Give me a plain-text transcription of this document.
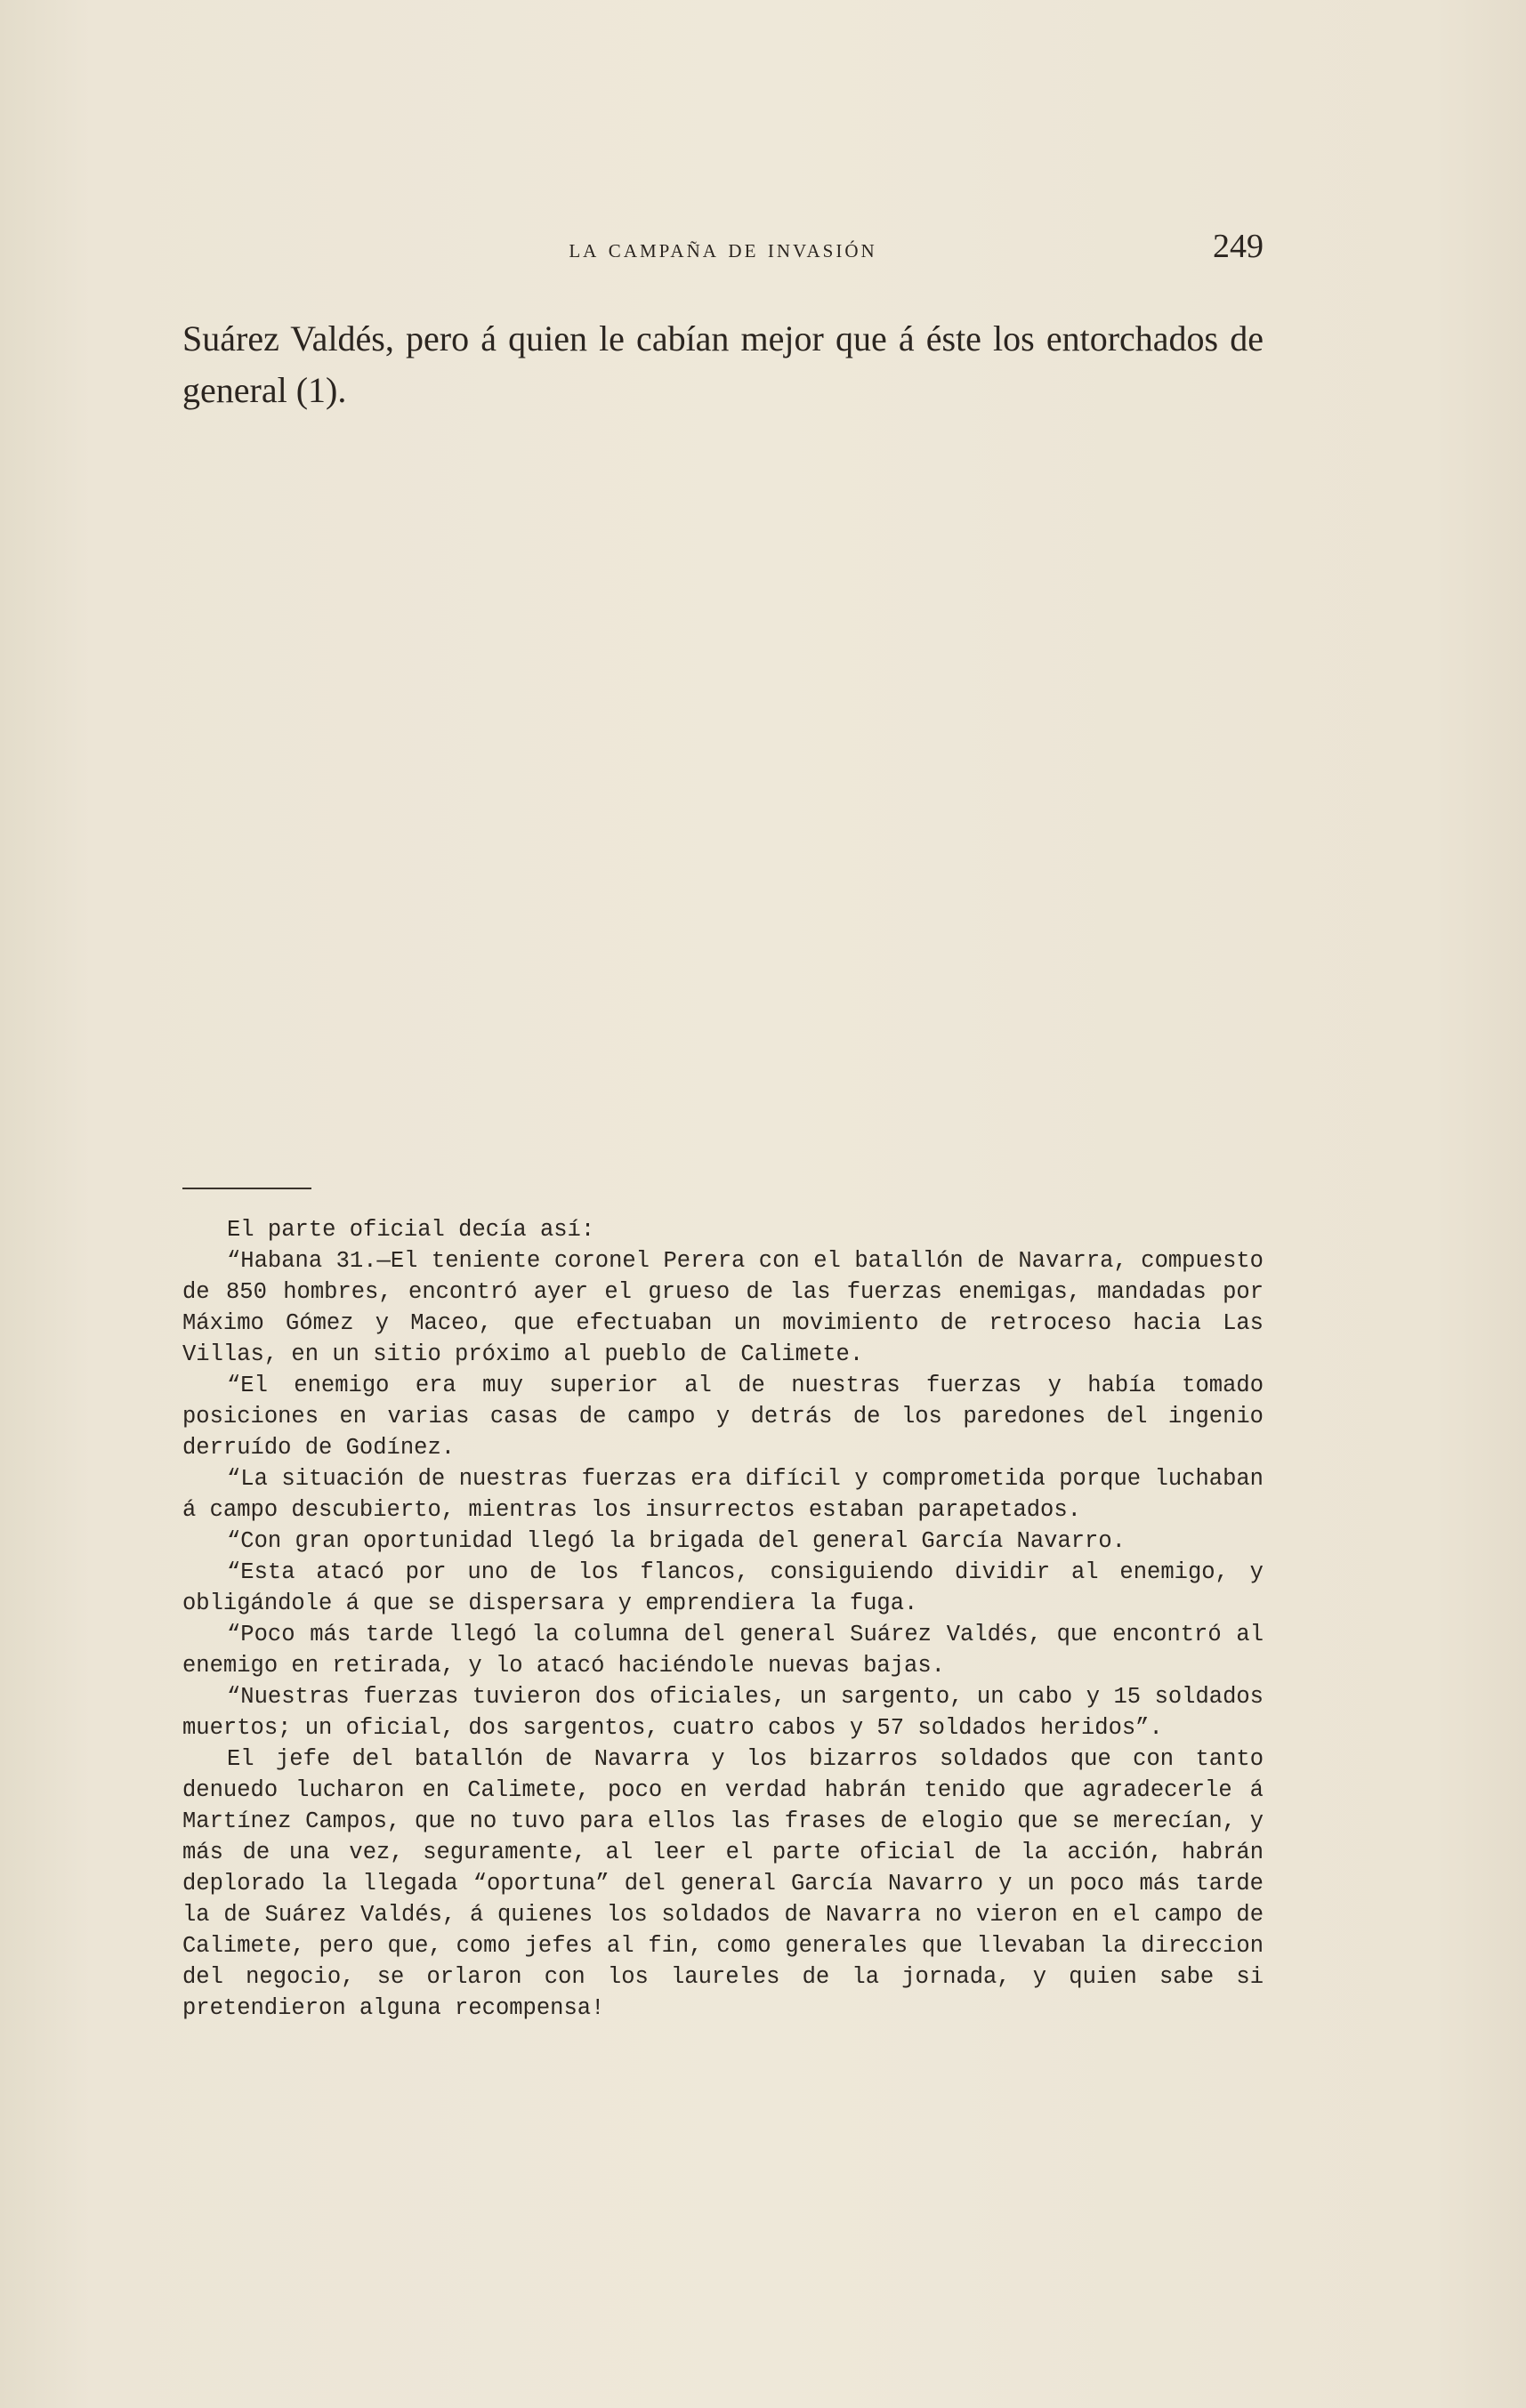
la campaña de invasión	249

Suárez Valdés, pero á quien le cabían mejor que á éste los entorchados de general (1).

El parte oficial decía así:

“Habana 31.—El teniente coronel Perera con el batallón de Navarra, compuesto de 850 hombres, encontró ayer el grueso de las fuerzas enemigas, mandadas por Máximo Gómez y Maceo, que efectuaban un movimiento de retroceso hacia Las Villas, en un sitio próximo al pueblo de Calimete.

“El enemigo era muy superior al de nuestras fuerzas y había tomado posiciones en varias casas de campo y detrás de los paredones del ingenio derruído de Godínez.

“La situación de nuestras fuerzas era difícil y comprometida porque luchaban á campo descubierto, mientras los insurrectos estaban parapetados.

“Con gran oportunidad llegó la brigada del general García Navarro.

“Esta atacó por uno de los flancos, consiguiendo dividir al enemigo, y obligándole á que se dispersara y emprendiera la fuga.

“Poco más tarde llegó la columna del general Suárez Valdés, que encontró al enemigo en retirada, y lo atacó haciéndole nuevas bajas.

“Nuestras fuerzas tuvieron dos oficiales, un sargento, un cabo y 15 soldados muertos; un oficial, dos sargentos, cuatro cabos y 57 soldados heridos”.

El jefe del batallón de Navarra y los bizarros soldados que con tanto denuedo lucharon en Calimete, poco en verdad habrán tenido que agradecerle á Martínez Campos, que no tuvo para ellos las frases de elogio que se merecían, y más de una vez, seguramente, al leer el parte oficial de la acción, habrán deplorado la llegada “oportuna” del general García Navarro y un poco más tarde la de Suárez Valdés, á quienes los soldados de Navarra no vieron en el campo de Calimete, pero que, como jefes al fin, como generales que llevaban la direccion del negocio, se orlaron con los laureles de la jornada, y quien sabe si pretendieron alguna recompensa!
